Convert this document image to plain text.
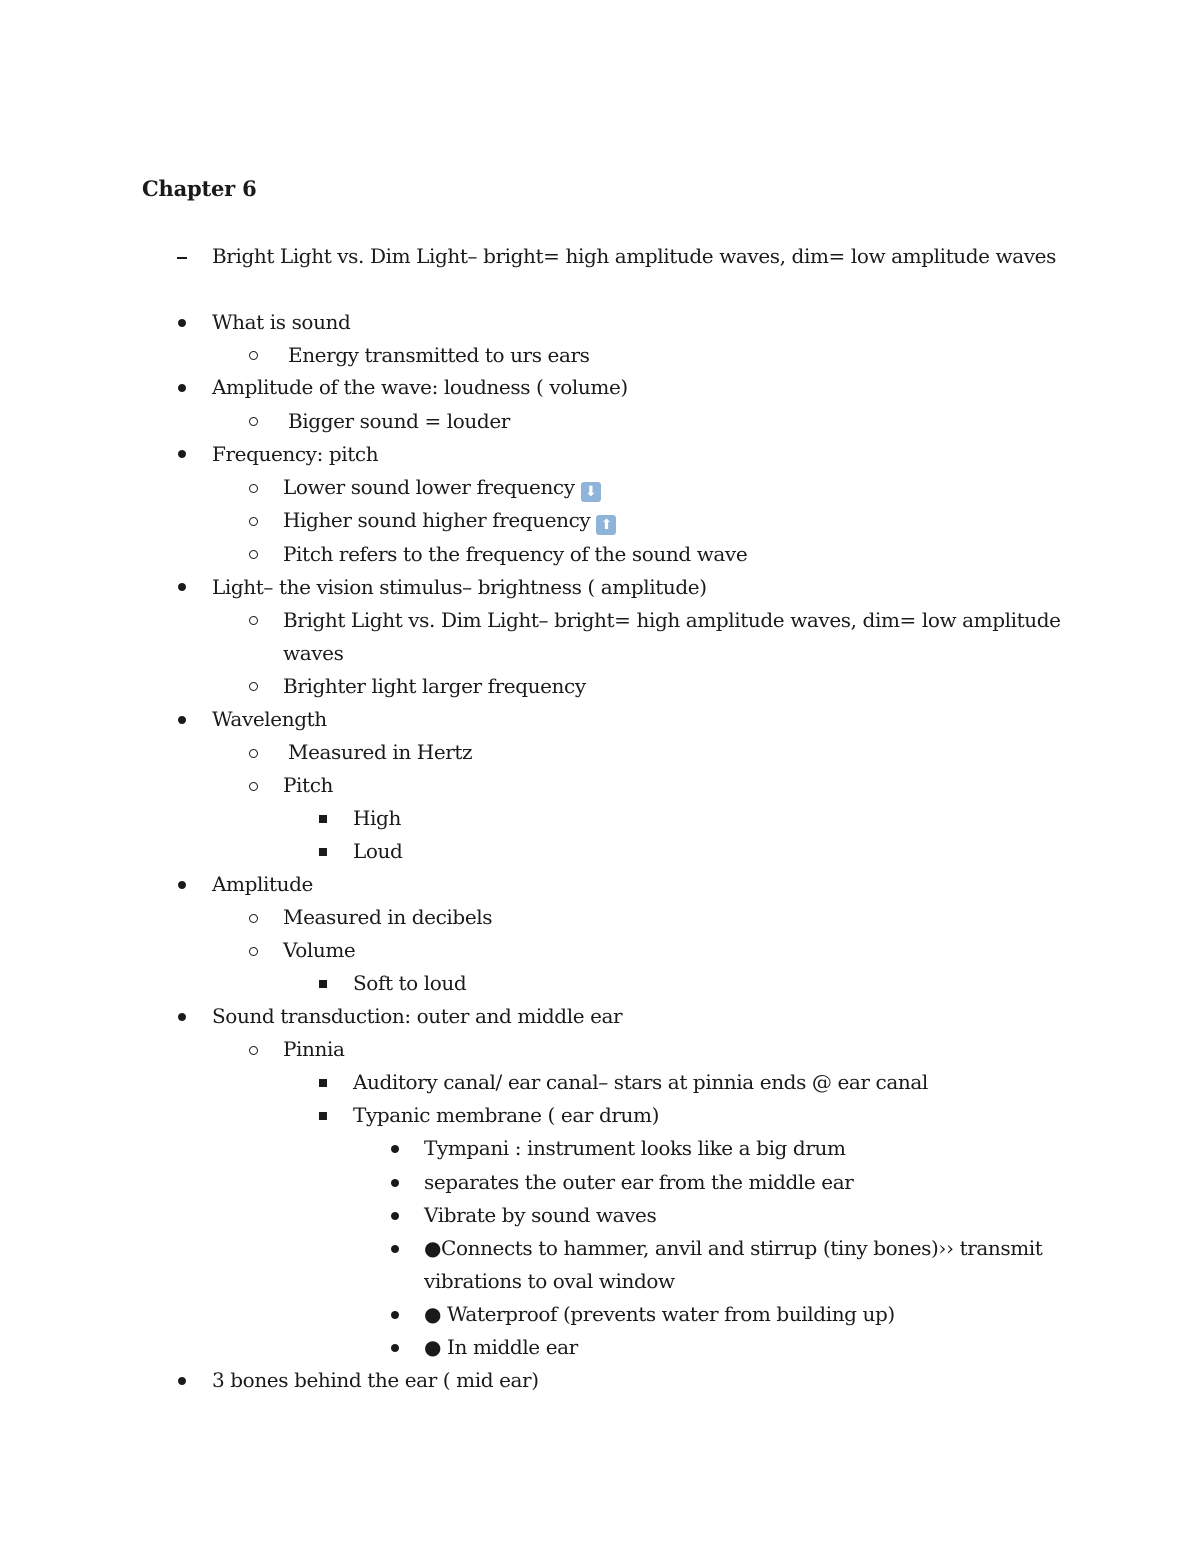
Chapter 6
Bright Light vs. Dim Light– bright= high amplitude waves, dim= low amplitude waves
What is sound
Energy transmitted to urs ears
Amplitude of the wave: loudness ( volume)
Bigger sound = louder
Frequency: pitch
Lower sound lower frequency ⬇
Higher sound higher frequency ⬆
Pitch refers to the frequency of the sound wave
Light– the vision stimulus– brightness ( amplitude)
Bright Light vs. Dim Light– bright= high amplitude waves, dim= low amplitude
waves
Brighter light larger frequency
Wavelength
Measured in Hertz
Pitch
High
Loud
Amplitude
Measured in decibels
Volume
Soft to loud
Sound transduction: outer and middle ear
Pinnia
Auditory canal/ ear canal– stars at pinnia ends @ ear canal
Typanic membrane ( ear drum)
Tympani : instrument looks like a big drum
separates the outer ear from the middle ear
Vibrate by sound waves
●Connects to hammer, anvil and stirrup (tiny bones)›› transmit
vibrations to oval window
● Waterproof (prevents water from building up)
● In middle ear
3 bones behind the ear ( mid ear)
